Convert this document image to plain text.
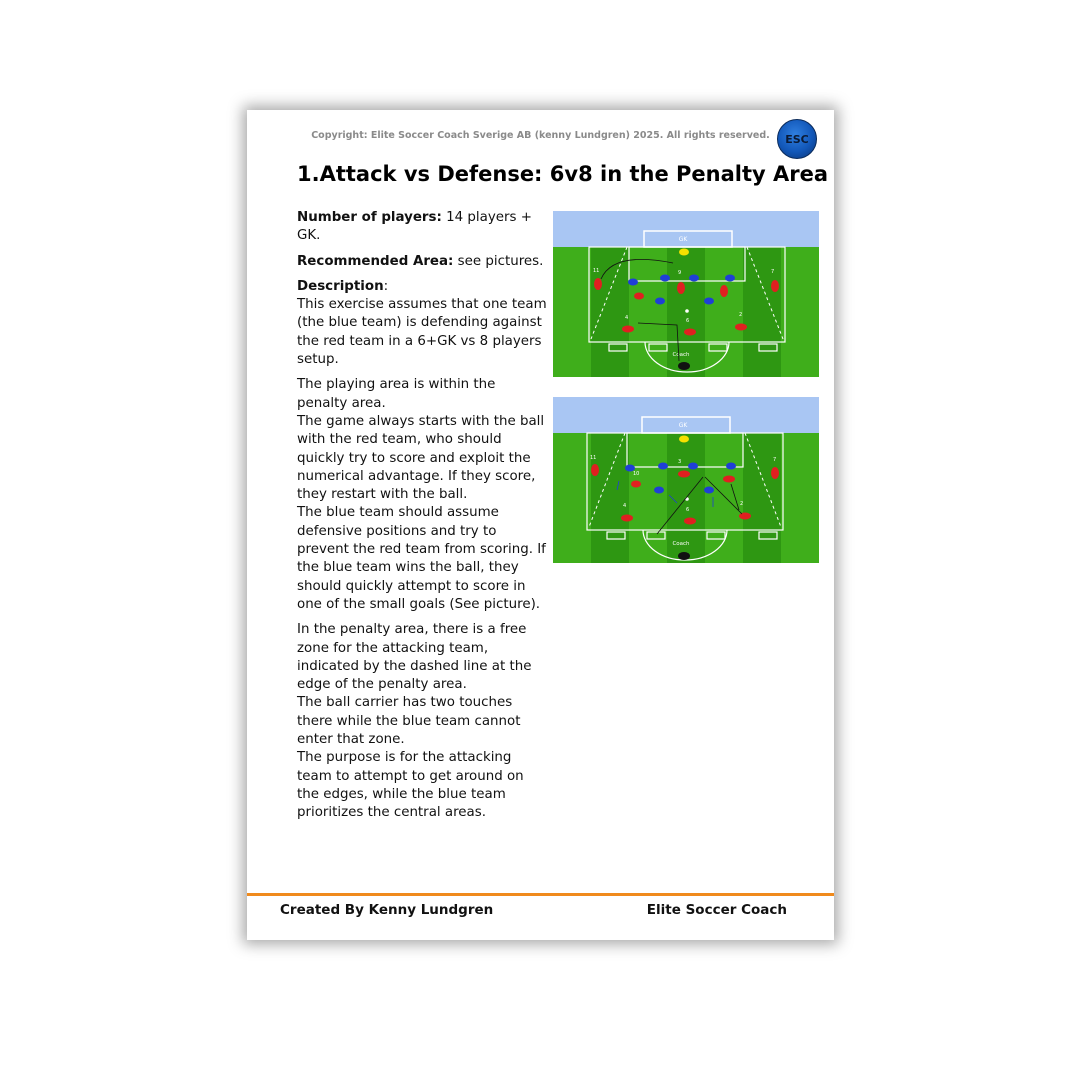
Copyright: Elite Soccer Coach Sverige AB (kenny Lundgren) 2025. All rights reserved.	ESC
1.Attack vs Defense: 6v8 in the Penalty Area

Number of players: 14 players + GK.

Recommended Area: see pictures.

Description:

This exercise assumes that one team (the blue team) is defending against the red team in a 6+GK vs 8 players setup.

The playing area is within the penalty area.

The game always starts with the ball with the red team, who should quickly try to score and exploit the numerical advantage. If they score, they restart with the ball.

The blue team should assume defensive positions and try to prevent the red team from scoring. If the blue team wins the ball, they should quickly attempt to score in one of the small goals (See picture).

In the penalty area, there is a free zone for the attacking team, indicated by the dashed line at the edge of the penalty area.

The ball carrier has two touches there while the blue team cannot enter that zone.

The purpose is for the attacking team to attempt to get around on the edges, while the blue team prioritizes the central areas.

GK
Coach
11	7
4	6
2
9
GK
Coach
11	7
4
6
2
3
10
Created By Kenny Lundgren	Elite Soccer Coach
